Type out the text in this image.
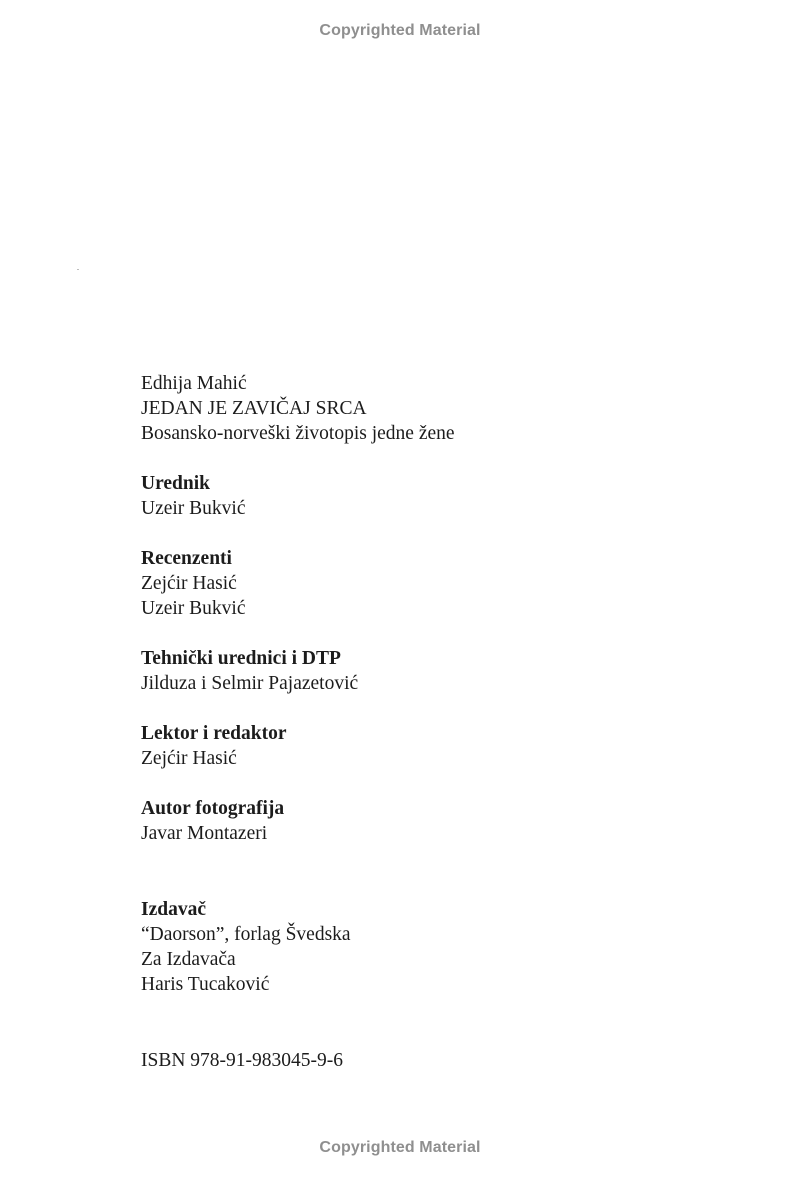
Copyrighted Material
Edhija Mahić
JEDAN JE ZAVIČAJ SRCA
Bosansko-norveški životopis jedne žene
Urednik
Uzeir Bukvić
Recenzenti
Zejćir Hasić
Uzeir Bukvić
Tehnički urednici i DTP
Jilduza i Selmir Pajazetović
Lektor i redaktor
Zejćir Hasić
Autor fotografija
Javar Montazeri
Izdavač
“Daorson”, forlag Švedska
Za Izdavača
Haris Tucaković
ISBN 978-91-983045-9-6
Copyrighted Material
